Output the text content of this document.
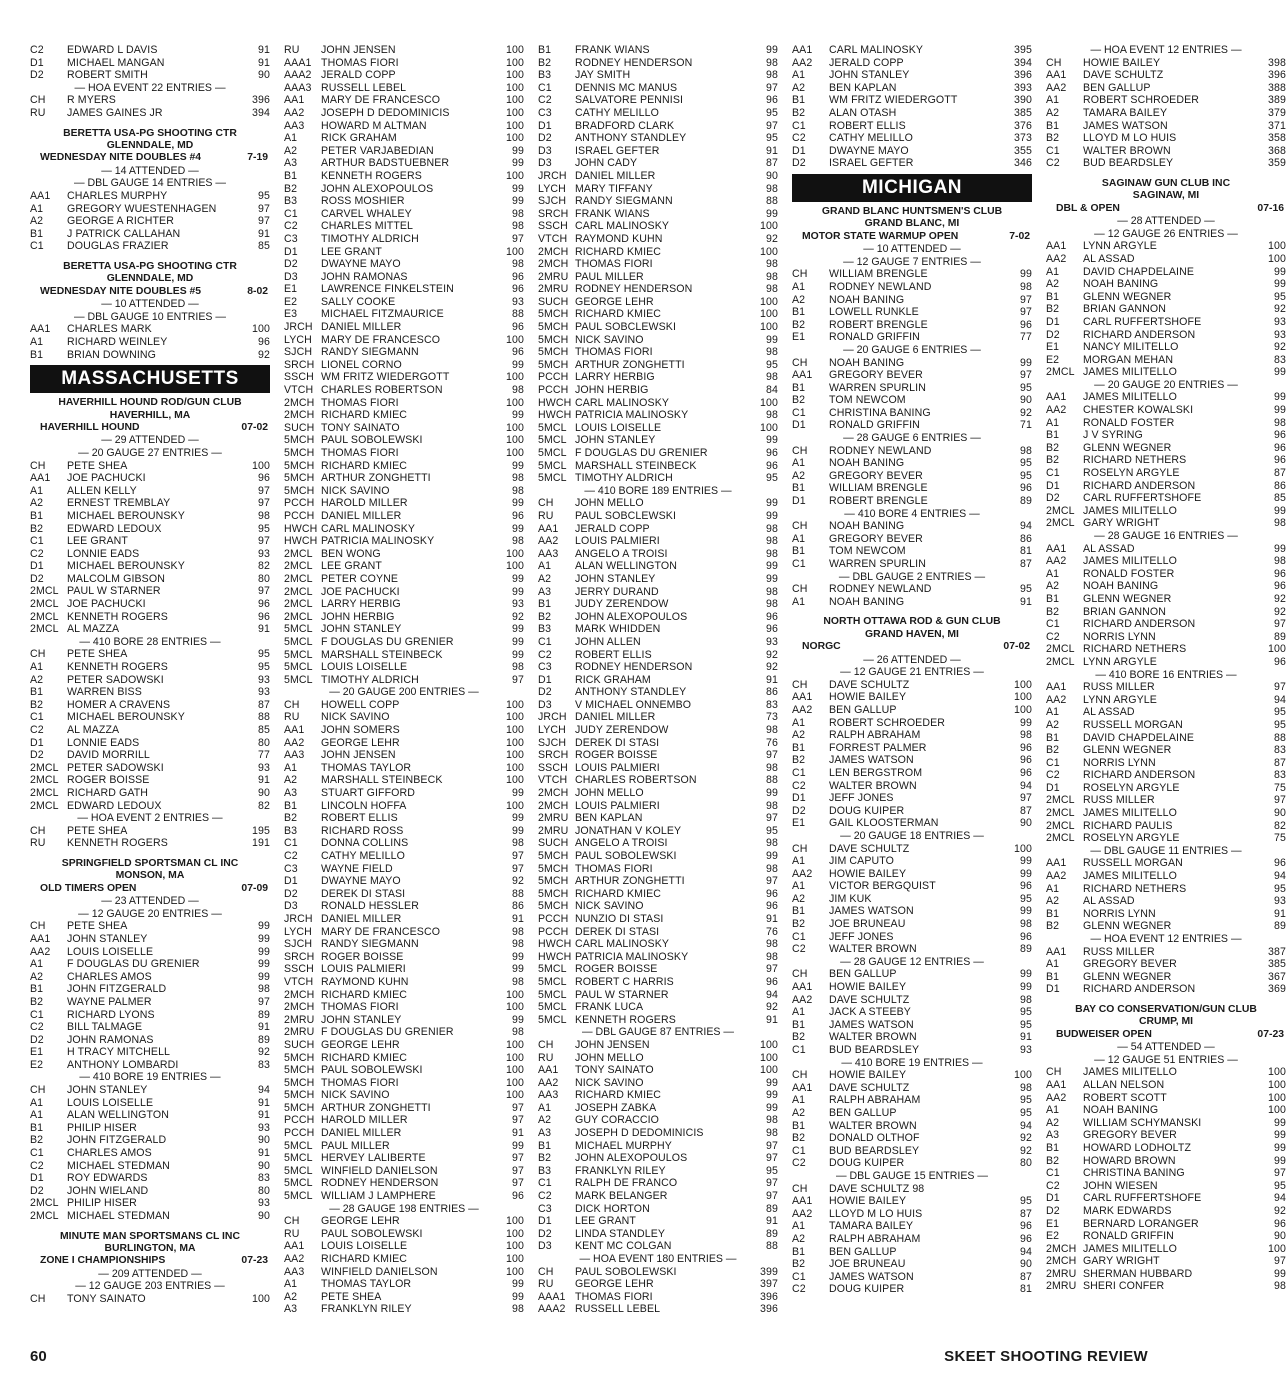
C2	EDWARD L DAVIS	91
D1	MICHAEL MANGAN	91
D2	ROBERT SMITH	90
— HOA EVENT 22 ENTRIES —
CH	R MYERS	396
RU	JAMES GAINES JR	394
BERETTA USA-PG SHOOTING CTR
GLENNDALE, MD
WEDNESDAY NITE DOUBLES #4	7-19
— 14 ATTENDED —
— DBL GAUGE 14 ENTRIES —
AA1	CHARLES MURPHY	95
A1	GREGORY WUESTENHAGEN	97
A2	GEORGE A RICHTER	97
B1	J PATRICK CALLAHAN	91
C1	DOUGLAS FRAZIER	85
BERETTA USA-PG SHOOTING CTR
GLENNDALE, MD
WEDNESDAY NITE DOUBLES #5	8-02
— 10 ATTENDED —
— DBL GAUGE 10 ENTRIES —
AA1	CHARLES MARK	100
A1	RICHARD WEINLEY	96
B1	BRIAN DOWNING	92
MASSACHUSETTS
HAVERHILL HOUND ROD/GUN CLUB
HAVERHILL, MA
HAVERHILL HOUND	07-02
— 29 ATTENDED —
— 20 GAUGE 27 ENTRIES —
CH	PETE SHEA	100
AA1	JOE PACHUCKI	96
A1	ALLEN KELLY	97
A2	ERNEST TREMBLAY	97
B1	MICHAEL BEROUNSKY	98
B2	EDWARD LEDOUX	95
C1	LEE GRANT	97
C2	LONNIE EADS	93
D1	MICHAEL BEROUNSKY	82
D2	MALCOLM GIBSON	80
2MCL PAUL W STARNER	97
2MCL JOE PACHUCKI	96
2MCL KENNETH ROGERS	96
2MCL AL MAZZA	91
— 410 BORE 28 ENTRIES —
CH	PETE SHEA	95
A1	KENNETH ROGERS	95
A2	PETER SADOWSKI	93
B1	WARREN BISS	93
B2	HOMER A CRAVENS	87
C1	MICHAEL BEROUNSKY	88
C2	AL MAZZA	85
D1	LONNIE EADS	80
D2	DAVID MORRILL	77
2MCL PETER SADOWSKI	93
2MCL ROGER BOISSE	91
2MCL RICHARD GATH	90
2MCL EDWARD LEDOUX	82
— HOA EVENT 2 ENTRIES —
CH	PETE SHEA	195
RU	KENNETH ROGERS	191
SPRINGFIELD SPORTSMAN CL INC
MONSON, MA
OLD TIMERS OPEN	07-09
— 23 ATTENDED —
— 12 GAUGE 20 ENTRIES —
CH	PETE SHEA	99
AA1	JOHN STANLEY	99
AA2	LOUIS LOISELLE	99
A1	F DOUGLAS DU GRENIER	99
A2	CHARLES AMOS	99
B1	JOHN FITZGERALD	98
B2	WAYNE PALMER	97
C1	RICHARD LYONS	89
C2	BILL TALMAGE	91
D2	JOHN RAMONAS	89
E1	H TRACY MITCHELL	92
E2	ANTHONY LOMBARDI	83
— 410 BORE 19 ENTRIES —
CH	JOHN STANLEY	94
A1	LOUIS LOISELLE	91
A1	ALAN WELLINGTON	91
B1	PHILIP HISER	93
B2	JOHN FITZGERALD	90
C1	CHARLES AMOS	91
C2	MICHAEL STEDMAN	90
D1	ROY EDWARDS	83
D2	JOHN WIELAND	80
2MCL PHILIP HISER	93
2MCL MICHAEL STEDMAN	90
MINUTE MAN SPORTSMANS CL INC
BURLINGTON, MA
ZONE I CHAMPIONSHIPS	07-23
— 209 ATTENDED —
— 12 GAUGE 203 ENTRIES —
CH	TONY SAINATO	100
RU	JOHN JENSEN	100
AAA1 THOMAS FIORI	100
AAA2 JERALD COPP	100
AAA3 RUSSELL LEBEL	100
AA1	MARY DE FRANCESCO	100
AA2	JOSEPH D DEDOMINICIS	100
AA3	HOWARD M ALTMAN	100
A1	RICK GRAHAM	100
A2	PETER VARJABEDIAN	99
A3	ARTHUR BADSTUEBNER	99
B1	KENNETH ROGERS	100
B2	JOHN ALEXOPOULOS	99
B3	ROSS MOSHIER	99
C1	CARVEL WHALEY	98
C2	CHARLES MITTEL	98
C3	TIMOTHY ALDRICH	97
D1	LEE GRANT	100
D2	DWAYNE MAYO	98
D3	JOHN RAMONAS	96
E1	LAWRENCE FINKELSTEIN	96
E2	SALLY COOKE	93
E3	MICHAEL FITZMAURICE	88
JRCH DANIEL MILLER	96
LYCH MARY DE FRANCESCO	100
SJCH RANDY SIEGMANN	96
SRCH LIONEL CORNO	99
SSCH WM FRITZ WIEDERGOTT	100
VTCH CHARLES ROBERTSON	98
2MCH THOMAS FIORI	100
2MCH RICHARD KMIEC	99
SUCH TONY SAINATO	100
5MCH PAUL SOBOLEWSKI	100
5MCH THOMAS FIORI	100
5MCH RICHARD KMIEC	99
5MCH ARTHUR ZONGHETTI	98
5MCH NICK SAVINO	98
PCCH HAROLD MILLER	99
PCCH DANIEL MILLER	96
HWCH CARL MALINOSKY	99
HWCH PATRICIA MALINOSKY	98
2MCL BEN WONG	100
2MCL LEE GRANT	100
2MCL PETER COYNE	99
2MCL JOE PACHUCKI	99
2MCL LARRY HERBIG	93
2MCL JOHN HERBIG	92
5MCL JOHN STANLEY	99
5MCL F DOUGLAS DU GRENIER	99
5MCL MARSHALL STEINBECK	99
5MCL LOUIS LOISELLE	98
5MCL TIMOTHY ALDRICH	97
— 20 GAUGE 200 ENTRIES —
CH	HOWELL COPP	100
RU	NICK SAVINO	100
AA1	JOHN SOMERS	100
AA2	GEORGE LEHR	100
AA3	JOHN JENSEN	100
A1	THOMAS TAYLOR	100
A2	MARSHALL STEINBECK	100
A3	STUART GIFFORD	99
B1	LINCOLN HOFFA	100
B2	ROBERT ELLIS	99
B3	RICHARD ROSS	99
C1	DONNA COLLINS	98
C2	CATHY MELILLO	97
C3	WAYNE FIELD	97
D1	DWAYNE MAYO	92
D2	DEREK DI STASI	88
D3	RONALD HESSLER	86
JRCH DANIEL MILLER	91
LYCH MARY DE FRANCESCO	98
SJCH RANDY SIEGMANN	98
SRCH ROGER BOISSE	99
SSCH LOUIS PALMIERI	99
VTCH RAYMOND KUHN	98
2MCH RICHARD KMIEC	100
2MCH THOMAS FIORI	100
2MRU JOHN STANLEY	99
2MRU F DOUGLAS DU GRENIER	98
SUCH GEORGE LEHR	100
5MCH RICHARD KMIEC	100
5MCH PAUL SOBOLEWSKI	100
5MCH THOMAS FIORI	100
5MCH NICK SAVINO	100
5MCH ARTHUR ZONGHETTI	97
PCCH HAROLD MILLER	97
PCCH DANIEL MILLER	91
5MCL PAUL MILLER	99
5MCL HERVEY LALIBERTE	97
5MCL WINFIELD DANIELSON	97
5MCL RODNEY HENDERSON	97
5MCL WILLIAM J LAMPHERE	96
— 28 GAUGE 198 ENTRIES —
CH	GEORGE LEHR	100
RU	PAUL SOBOLEWSKI	100
AA1	LOUIS LOISELLE	100
AA2	RICHARD KMIEC	100
AA3	WINFIELD DANIELSON	100
A1	THOMAS TAYLOR	99
A2	PETE SHEA	99
A3	FRANKLYN RILEY	98
B1	FRANK WIANS	99
B2	RODNEY HENDERSON	98
B3	JAY SMITH	98
C1	DENNIS MC MANUS	97
C2	SALVATORE PENNISI	96
C3	CATHY MELILLO	95
D1	BRADFORD CLARK	97
D2	ANTHONY STANDLEY	95
D3	ISRAEL GEFTER	91
D3	JOHN CADY	87
JRCH DANIEL MILLER	90
LYCH MARY TIFFANY	98
SJCH RANDY SIEGMANN	88
SRCH FRANK WIANS	99
SSCH CARL MALINOSKY	100
VTCH RAYMOND KUHN	92
2MCH RICHARD KMIEC	100
2MCH THOMAS FIORI	98
2MRU PAUL MILLER	98
2MRU RODNEY HENDERSON	98
SUCH GEORGE LEHR	100
5MCH RICHARD KMIEC	100
5MCH PAUL SOBCLEWSKI	100
5MCH NICK SAVINO	99
5MCH THOMAS FIORI	98
5MCH ARTHUR ZONGHETTI	95
PCCH LARRY HERBIG	98
PCCH JOHN HERBIG	84
HWCH CARL MALINOSKY	100
HWCH PATRICIA MALINOSKY	98
5MCL LOUIS LOISELLE	100
5MCL JOHN STANLEY	99
5MCL F DOUGLAS DU GRENIER	96
5MCL MARSHALL STEINBECK	96
5MCL TIMOTHY ALDRICH	95
— 410 BORE 189 ENTRIES —
CH	JOHN MELLO	99
RU	PAUL SOBCLEWSKI	99
AA1	JERALD COPP	98
AA2	LOUIS PALMIERI	98
AA3	ANGELO A TROISI	98
A1	ALAN WELLINGTON	99
A2	JOHN STANLEY	99
A3	JERRY DURAND	98
B1	JUDY ZERENDOW	98
B2	JOHN ALEXOPOULOS	96
B3	MARK WHIDDEN	96
C1	JOHN ALLEN	93
C2	ROBERT ELLIS	92
C3	RODNEY HENDERSON	92
D1	RICK GRAHAM	91
D2	ANTHONY STANDLEY	86
D3	V MICHAEL ONNEMBO	83
JRCH DANIEL MILLER	73
LYCH JUDY ZERENDOW	98
SJCH DEREK DI STASI	76
SRCH ROGER BOISSE	97
SSCH LOUIS PALMIERI	98
VTCH CHARLES ROBERTSON	88
2MCH JOHN MELLO	99
2MCH LOUIS PALMIERI	98
2MRU BEN KAPLAN	97
2MRU JONATHAN V KOLEY	95
SUCH ANGELO A TROISI	98
5MCH PAUL SOBOLEWSKI	99
5MCH THOMAS FIORI	98
5MCH ARTHUR ZONGHETTI	97
5MCH RICHARD KMIEC	96
5MCH NICK SAVINO	96
PCCH NUNZIO DI STASI	91
PCCH DEREK DI STASI	76
HWCH CARL MALINOSKY	98
HWCH PATRICIA MALINOSKY	98
5MCL ROGER BOISSE	97
5MCL ROBERT C HARRIS	96
5MCL PAUL W STARNER	94
5MCL FRANK LUCA	92
5MCL KENNETH ROGERS	91
— DBL GAUGE 87 ENTRIES —
CH	JOHN JENSEN	100
RU	JOHN MELLO	100
AA1	TONY SAINATO	100
AA2	NICK SAVINO	99
AA3	RICHARD KMIEC	99
A1	JOSEPH ZABKA	99
A2	GUY CORACCIO	98
A3	JOSEPH D DEDOMINICIS	98
B1	MICHAEL MURPHY	97
B2	JOHN ALEXOPOULOS	97
B3	FRANKLYN RILEY	95
C1	RALPH DE FRANCO	97
C2	MARK BELANGER	97
C3	DICK HORTON	89
D1	LEE GRANT	91
D2	LINDA STANDLEY	89
D3	KENT MC COLGAN	88
— HOA EVENT 180 ENTRIES —
CH	PAUL SOBOLEWSKI	399
RU	GEORGE LEHR	397
AAA1 THOMAS FIORI	396
AAA2 RUSSELL LEBEL	396
AA1	CARL MALINOSKY	395
AA2	JERALD COPP	394
A1	JOHN STANLEY	396
A2	BEN KAPLAN	393
B1	WM FRITZ WIEDERGOTT	390
B2	ALAN OTASH	385
C1	ROBERT ELLIS	376
C2	CATHY MELILLO	373
D1	DWAYNE MAYO	355
D2	ISRAEL GEFTER	346
MICHIGAN
GRAND BLANC HUNTSMEN'S CLUB
GRAND BLANC, MI
MOTOR STATE WARMUP OPEN	7-02
— 10 ATTENDED —
— 12 GAUGE 7 ENTRIES —
CH	WILLIAM BRENGLE	99
A1	RODNEY NEWLAND	98
A2	NOAH BANING	97
B1	LOWELL RUNKLE	97
B2	ROBERT BRENGLE	96
E1	RONALD GRIFFIN	77
— 20 GAUGE 6 ENTRIES —
CH	NOAH BANING	99
AA1	GREGORY BEVER	97
B1	WARREN SPURLIN	95
B2	TOM NEWCOM	90
C1	CHRISTINA BANING	92
D1	RONALD GRIFFIN	71
— 28 GAUGE 6 ENTRIES —
CH	RODNEY NEWLAND	98
A1	NOAH BANING	95
A2	GREGORY BEVER	95
B1	WILLIAM BRENGLE	96
D1	ROBERT BRENGLE	89
— 410 BORE 4 ENTRIES —
CH	NOAH BANING	94
A1	GREGORY BEVER	86
B1	TOM NEWCOM	81
C1	WARREN SPURLIN	87
— DBL GAUGE 2 ENTRIES —
CH	RODNEY NEWLAND	95
A1	NOAH BANING	91
NORTH OTTAWA ROD & GUN CLUB
GRAND HAVEN, MI
NORGC	07-02
— 26 ATTENDED —
— 12 GAUGE 21 ENTRIES —
CH	DAVE SCHULTZ	100
AA1	HOWIE BAILEY	100
AA2	BEN GALLUP	100
A1	ROBERT SCHROEDER	99
A2	RALPH ABRAHAM	98
B1	FORREST PALMER	96
B2	JAMES WATSON	96
C1	LEN BERGSTROM	96
C2	WALTER BROWN	94
D1	JEFF JONES	97
D2	DOUG KUIPER	87
E1	GAIL KLOOSTERMAN	90
— 20 GAUGE 18 ENTRIES —
CH	DAVE SCHULTZ	100
A1	JIM CAPUTO	99
AA2	HOWIE BAILEY	99
A1	VICTOR BERGQUIST	96
A2	JIM KUK	95
B1	JAMES WATSON	99
B2	JOE BRUNEAU	98
C1	JEFF JONES	96
C2	WALTER BROWN	89
— 28 GAUGE 12 ENTRIES —
CH	BEN GALLUP	99
AA1	HOWIE BAILEY	99
AA2	DAVE SCHULTZ	98
A1	JACK A STEEBY	95
B1	JAMES WATSON	95
B2	WALTER BROWN	91
C1	BUD BEARDSLEY	93
— 410 BORE 19 ENTRIES —
CH	HOWIE BAILEY	100
AA1	DAVE SCHULTZ	98
A1	RALPH ABRAHAM	95
A2	BEN GALLUP	95
B1	WALTER BROWN	94
B2	DONALD OLTHOF	92
C1	BUD BEARDSLEY	92
C2	DOUG KUIPER	80
— DBL GAUGE 15 ENTRIES —
CH	DAVE SCHULTZ 98
AA1	HOWIE BAILEY	95
AA2	LLOYD M LO HUIS	87
A1	TAMARA BAILEY	96
A2	RALPH ABRAHAM	96
B1	BEN GALLUP	94
B2	JOE BRUNEAU	90
C1	JAMES WATSON	87
C2	DOUG KUIPER	81
— HOA EVENT 12 ENTRIES —
CH	HOWIE BAILEY	398
AA1	DAVE SCHULTZ	396
AA2	BEN GALLUP	388
A1	ROBERT SCHROEDER	389
A2	TAMARA BAILEY	379
B1	JAMES WATSON	371
B2	LLOYD M LO HUIS	358
C1	WALTER BROWN	368
C2	BUD BEARDSLEY	359
SAGINAW GUN CLUB INC
SAGINAW, MI
DBL & OPEN	07-16
— 28 ATTENDED —
— 12 GAUGE 26 ENTRIES —
AA1	LYNN ARGYLE	100
AA2	AL ASSAD	100
A1	DAVID CHAPDELAINE	99
A2	NOAH BANING	99
B1	GLENN WEGNER	95
B2	BRIAN GANNON	92
D1	CARL RUFFERTSHOFE	93
D2	RICHARD ANDERSON	93
E1	NANCY MILITELLO	92
E2	MORGAN MEHAN	83
2MCL JAMES MILITELLO	99
— 20 GAUGE 20 ENTRIES —
AA1	JAMES MILITELLO	99
AA2	CHESTER KOWALSKI	99
A1	RONALD FOSTER	98
B1	J V SYRING	96
B2	GLENN WEGNER	96
B2	RICHARD NETHERS	96
C1	ROSELYN ARGYLE	87
D1	RICHARD ANDERSON	86
D2	CARL RUFFERTSHOFE	85
2MCL JAMES MILITELLO	99
2MCL GARY WRIGHT	98
— 28 GAUGE 16 ENTRIES —
AA1	AL ASSAD	99
AA2	JAMES MILITELLO	98
A1	RONALD FOSTER	96
A2	NOAH BANING	96
B1	GLENN WEGNER	92
B2	BRIAN GANNON	92
C1	RICHARD ANDERSON	97
C2	NORRIS LYNN	89
2MCL RICHARD NETHERS	100
2MCL LYNN ARGYLE	96
— 410 BORE 16 ENTRIES —
AA1	RUSS MILLER	97
AA2	LYNN ARGYLE	94
A1	AL ASSAD	95
A2	RUSSELL MORGAN	95
B1	DAVID CHAPDELAINE	88
B2	GLENN WEGNER	83
C1	NORRIS LYNN	87
C2	RICHARD ANDERSON	83
D1	ROSELYN ARGYLE	75
2MCL RUSS MILLER	97
2MCL JAMES MILITELLO	90
2MCL RICHARD PAULIS	82
2MCL ROSELYN ARGYLE	75
— DBL GAUGE 11 ENTRIES —
AA1	RUSSELL MORGAN	96
AA2	JAMES MILITELLO	94
A1	RICHARD NETHERS	95
A2	AL ASSAD	93
B1	NORRIS LYNN	91
B2	GLENN WEGNER	89
— HOA EVENT 12 ENTRIES —
AA1	RUSS MILLER	387
A1	GREGORY BEVER	385
B1	GLENN WEGNER	367
D1	RICHARD ANDERSON	369
BAY CO CONSERVATION/GUN CLUB
CRUMP, MI
BUDWEISER OPEN	07-23
— 54 ATTENDED —
— 12 GAUGE 51 ENTRIES —
CH	JAMES MILITELLO	100
AA1	ALLAN NELSON	100
AA2	ROBERT SCOTT	100
A1	NOAH BANING	100
A2	WILLIAM SCHYMANSKI	99
A3	GREGORY BEVER	99
B1	HOWARD LODHOLTZ	99
B2	HOWARD BROWN	99
C1	CHRISTINA BANING	97
C2	JOHN WIESEN	95
D1	CARL RUFFERTSHOFE	94
D2	MARK EDWARDS	92
E1	BERNARD LORANGER	96
E2	RONALD GRIFFIN	90
2MCH JAMES MILITELLO	100
2MCH GARY WRIGHT	97
2MRU SHERMAN HUBBARD	99
2MRU SHERI CONFER	98
60	SKEET SHOOTING REVIEW
